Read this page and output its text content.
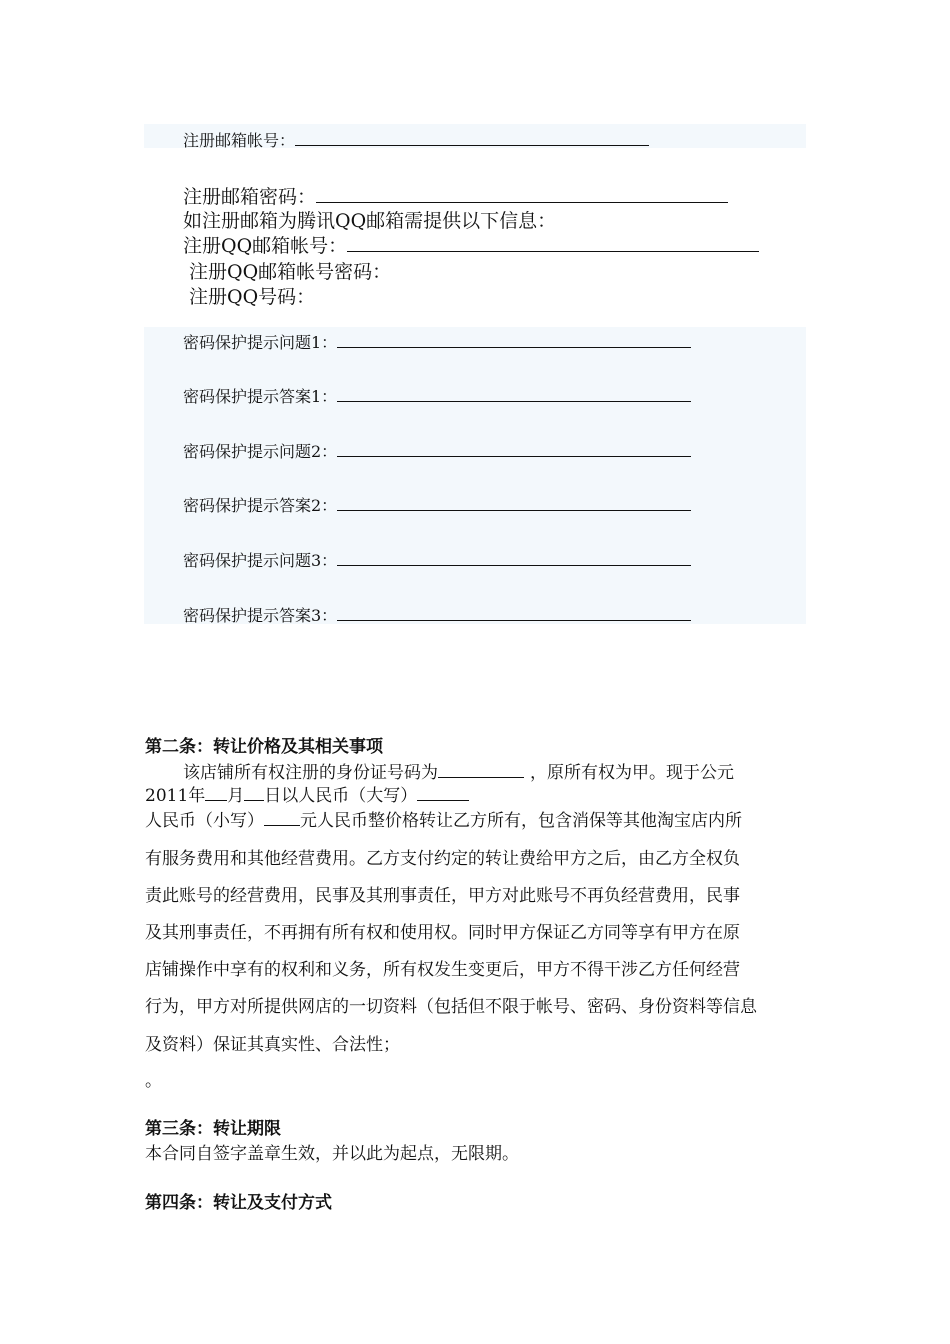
注册邮箱帐号：
注册邮箱密码：
如注册邮箱为腾讯QQ邮箱需提供以下信息：
注册QQ邮箱帐号：
注册QQ邮箱帐号密码：
注册QQ号码：
密码保护提示问题1：
密码保护提示答案1：
密码保护提示问题2：
密码保护提示答案2：
密码保护提示问题3：
密码保护提示答案3：
第二条：转让价格及其相关事项
该店铺所有权注册的身份证号码为	，原所有权为甲。现于公元
2011年 月 日以人民币（大写）
人民币（小写） 元人民币整价格转让乙方所有，包含消保等其他淘宝店内所
有服务费用和其他经营费用。乙方支付约定的转让费给甲方之后，由乙方全权负
责此账号的经营费用，民事及其刑事责任，甲方对此账号不再负经营费用，民事
及其刑事责任，不再拥有所有权和使用权。同时甲方保证乙方同等享有甲方在原
店铺操作中享有的权利和义务，所有权发生变更后，甲方不得干涉乙方任何经营
行为，甲方对所提供网店的一切资料（包括但不限于帐号、密码、身份资料等信息
及资料）保证其真实性、合法性；
。
第三条：转让期限
本合同自签字盖章生效，并以此为起点，无限期。
第四条：转让及支付方式
